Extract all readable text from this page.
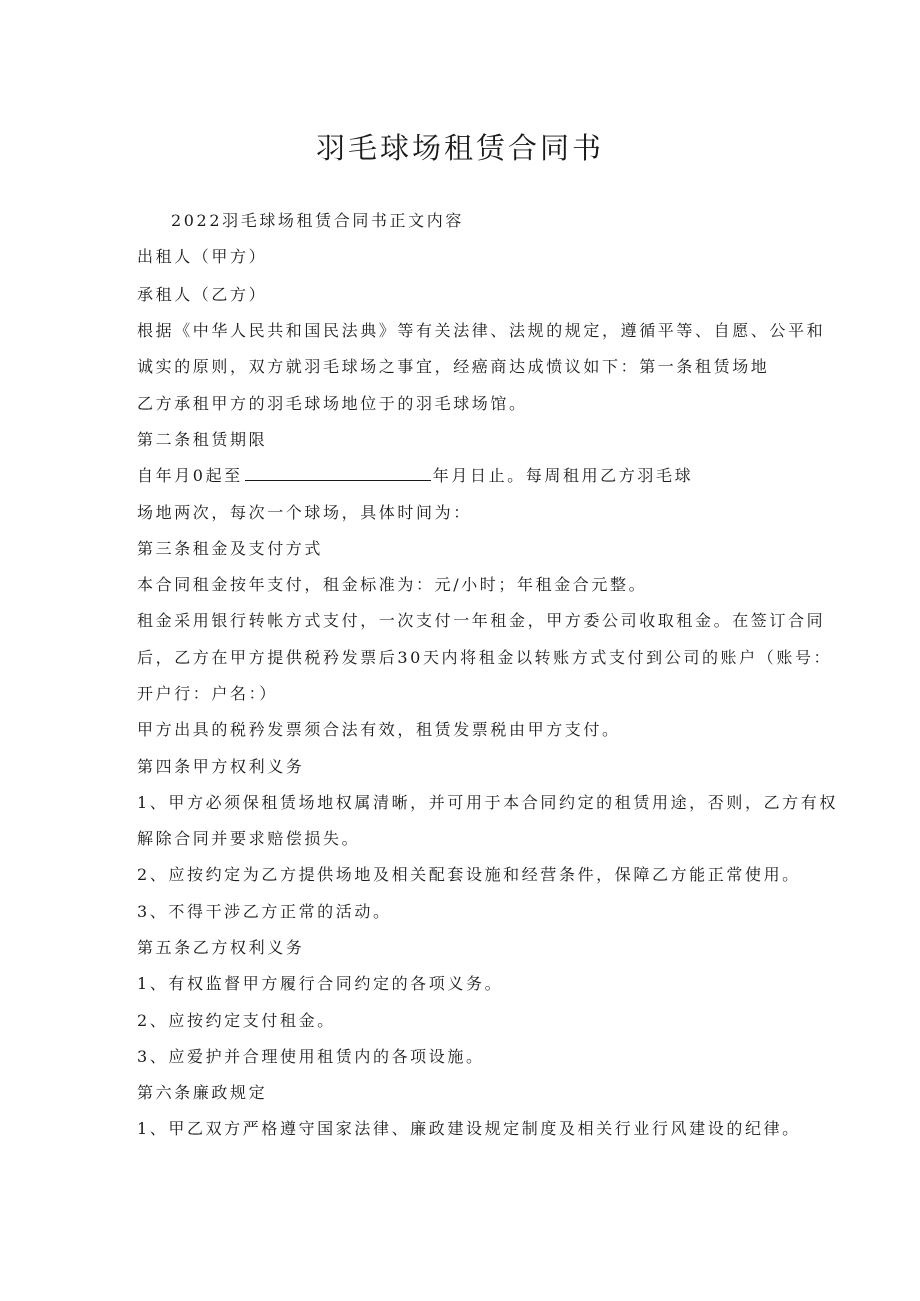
羽毛球场租赁合同书
2022羽毛球场租赁合同书正文内容
出租人（甲方）
承租人（乙方）
根据《中华人民共和国民法典》等有关法律、法规的规定，遵循平等、自愿、公平和
诚实的原则，双方就羽毛球场之事宜，经癌商达成愤议如下：第一条租赁场地
乙方承租甲方的羽毛球场地位于的羽毛球场馆。
第二条租赁期限
自年月0起至	年月日止。每周租用乙方羽毛球
场地两次，每次一个球场，具体时间为：
第三条租金及支付方式
本合同租金按年支付，租金标准为：元/小时；年租金合元整。
租金采用银行转帐方式支付，一次支付一年租金，甲方委公司收取租金。在签订合同
后，乙方在甲方提供税矜发票后30天内将租金以转账方式支付到公司的账户（账号：
开户行：户名：）
甲方出具的税矜发票须合法有效，租赁发票税由甲方支付。
第四条甲方权利义务
1、甲方必须保租赁场地权属清晰，并可用于本合同约定的租赁用途，否则，乙方有权
解除合同并要求赔偿损失。
2、应按约定为乙方提供场地及相关配套设施和经营条件，保障乙方能正常使用。
3、不得干涉乙方正常的活动。
第五条乙方权利义务
1、有权监督甲方履行合同约定的各项义务。
2、应按约定支付租金。
3、应爱护并合理使用租赁内的各项设施。
第六条廉政规定
1、甲乙双方严格遵守国家法律、廉政建设规定制度及相关行业行风建设的纪律。
